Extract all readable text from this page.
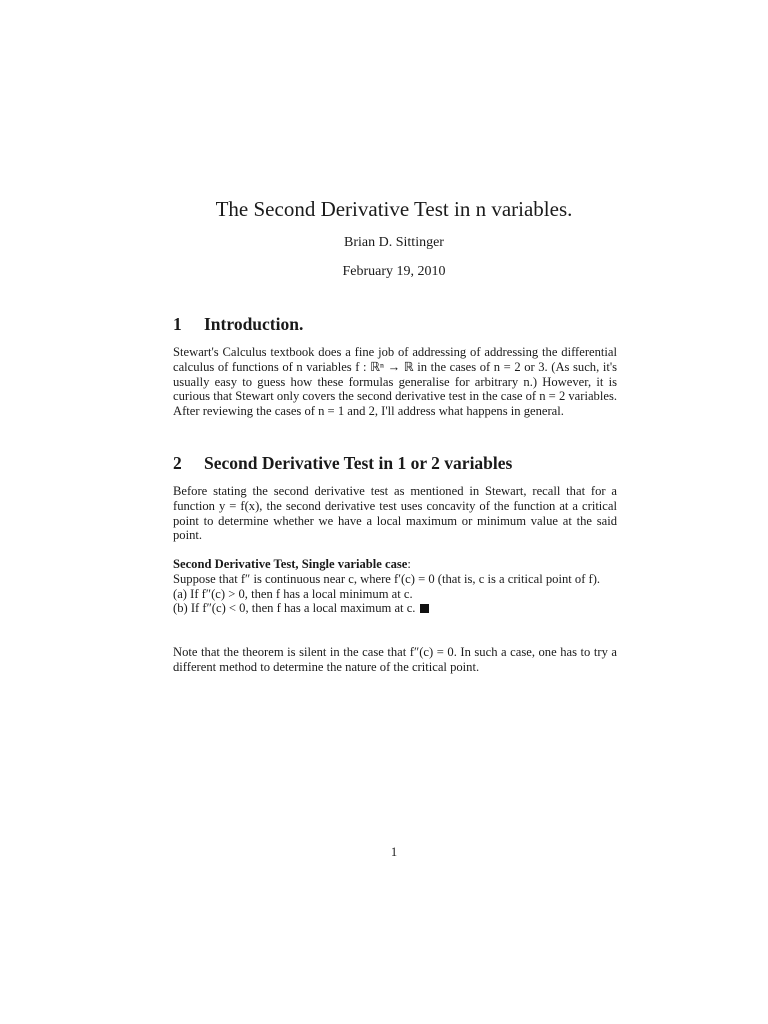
The Second Derivative Test in n variables.
Brian D. Sittinger
February 19, 2010
1 Introduction.

Stewart's Calculus textbook does a fine job of addressing of addressing the differential calculus of functions of n variables f : ℝⁿ → ℝ in the cases of n = 2 or 3. (As such, it's usually easy to guess how these formulas generalise for arbitrary n.) However, it is curious that Stewart only covers the second derivative test in the case of n = 2 variables. After reviewing the cases of n = 1 and 2, I'll address what happens in general.

2 Second Derivative Test in 1 or 2 variables

Before stating the second derivative test as mentioned in Stewart, recall that for a function y = f(x), the second derivative test uses concavity of the function at a critical point to determine whether we have a local maximum or minimum value at the said point.

Second Derivative Test, Single variable case:

Suppose that f″ is continuous near c, where f′(c) = 0 (that is, c is a critical point of f).

(a) If f″(c) > 0, then f has a local minimum at c.

(b) If f″(c) < 0, then f has a local maximum at c.

Note that the theorem is silent in the case that f″(c) = 0. In such a case, one has to try a different method to determine the nature of the critical point.

1
